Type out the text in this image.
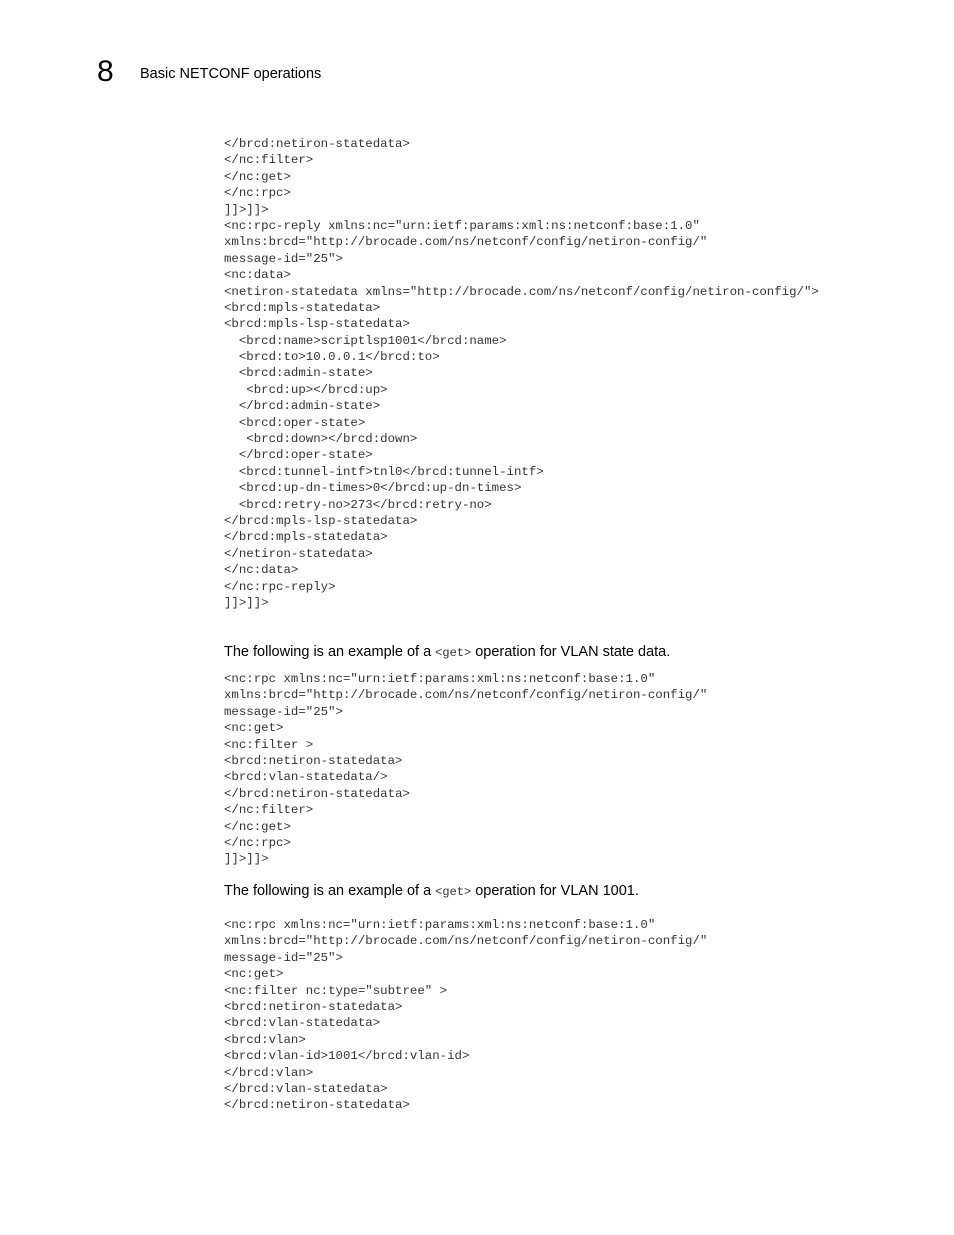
8	Basic NETCONF operations
</brcd:netiron-statedata>
</nc:filter>
</nc:get>
</nc:rpc>
]]>]]>
<nc:rpc-reply xmlns:nc="urn:ietf:params:xml:ns:netconf:base:1.0"
xmlns:brcd="http://brocade.com/ns/netconf/config/netiron-config/"
message-id="25">
<nc:data>
<netiron-statedata xmlns="http://brocade.com/ns/netconf/config/netiron-config/">
<brcd:mpls-statedata>
<brcd:mpls-lsp-statedata>
<brcd:name>scriptlsp1001</brcd:name>
<brcd:to>10.0.0.1</brcd:to>
<brcd:admin-state>
<brcd:up></brcd:up>
</brcd:admin-state>
<brcd:oper-state>
<brcd:down></brcd:down>
</brcd:oper-state>
<brcd:tunnel-intf>tnl0</brcd:tunnel-intf>
<brcd:up-dn-times>0</brcd:up-dn-times>
<brcd:retry-no>273</brcd:retry-no>
</brcd:mpls-lsp-statedata>
</brcd:mpls-statedata>
</netiron-statedata>
</nc:data>
</nc:rpc-reply>
]]>]]>
The following is an example of a <get> operation for VLAN state data.
<nc:rpc xmlns:nc="urn:ietf:params:xml:ns:netconf:base:1.0"
xmlns:brcd="http://brocade.com/ns/netconf/config/netiron-config/"
message-id="25">
<nc:get>
<nc:filter >
<brcd:netiron-statedata>
<brcd:vlan-statedata/>
</brcd:netiron-statedata>
</nc:filter>
</nc:get>
</nc:rpc>
]]>]]>
The following is an example of a <get> operation for VLAN 1001.
<nc:rpc xmlns:nc="urn:ietf:params:xml:ns:netconf:base:1.0"
xmlns:brcd="http://brocade.com/ns/netconf/config/netiron-config/"
message-id="25">
<nc:get>
<nc:filter nc:type="subtree" >
<brcd:netiron-statedata>
<brcd:vlan-statedata>
<brcd:vlan>
<brcd:vlan-id>1001</brcd:vlan-id>
</brcd:vlan>
</brcd:vlan-statedata>
</brcd:netiron-statedata>
